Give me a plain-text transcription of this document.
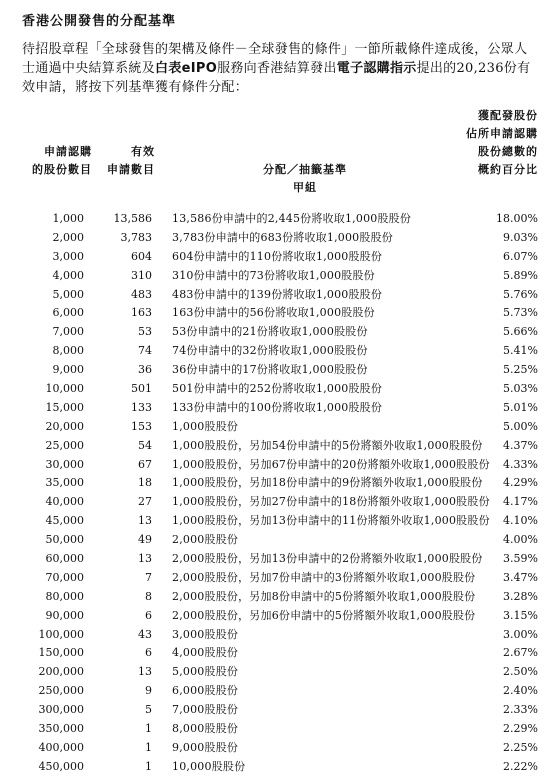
香港公開發售的分配基準
待招股章程「全球發售的架構及條件－全球發售的條件」一節所載條件達成後，公眾人士通過中央結算系統及白表eIPO服務向香港結算發出電子認購指示提出的20,236份有效申請，將按下列基準獲有條件分配：
申請認購
的股份數目
有效
申請數目	分配／抽籤基準
甲組
獲配發股份
佔所申請認購
股份總數的
概約百分比
1,000	13,586 13,586份申請中的2,445份將收取1,000股股份	18.00%
2,000	3,783 3,783份申請中的683份將收取1,000股股份	9.03%
3,000	604 604份申請中的110份將收取1,000股股份	6.07%
4,000	310 310份申請中的73份將收取1,000股股份	5.89%
5,000	483 483份申請中的139份將收取1,000股股份	5.76%
6,000	163 163份申請中的56份將收取1,000股股份	5.73%
7,000	53 53份申請中的21份將收取1,000股股份	5.66%
8,000	74 74份申請中的32份將收取1,000股股份	5.41%
9,000	36 36份申請中的17份將收取1,000股股份	5.25%
10,000	501 501份申請中的252份將收取1,000股股份	5.03%
15,000	133 133份申請中的100份將收取1,000股股份	5.01%
20,000	153 1,000股股份	5.00%
25,000	54 1,000股股份，另加54份申請中的5份將額外收取1,000股股份	4.37%
30,000	67 1,000股股份，另加67份申請中的20份將額外收取1,000股股份	4.33%
35,000	18 1,000股股份，另加18份申請中的9份將額外收取1,000股股份	4.29%
40,000	27 1,000股股份，另加27份申請中的18份將額外收取1,000股股份	4.17%
45,000	13 1,000股股份，另加13份申請中的11份將額外收取1,000股股份	4.10%
50,000	49 2,000股股份	4.00%
60,000	13 2,000股股份，另加13份申請中的2份將額外收取1,000股股份	3.59%
70,000	7 2,000股股份，另加7份申請中的3份將額外收取1,000股股份	3.47%
80,000	8 2,000股股份，另加8份申請中的5份將額外收取1,000股股份	3.28%
90,000	6 2,000股股份，另加6份申請中的5份將額外收取1,000股股份	3.15%
100,000	43 3,000股股份	3.00%
150,000	6 4,000股股份	2.67%
200,000	13 5,000股股份	2.50%
250,000	9 6,000股股份	2.40%
300,000	5 7,000股股份	2.33%
350,000	1 8,000股股份	2.29%
400,000	1 9,000股股份	2.25%
450,000	1 10,000股股份	2.22%
